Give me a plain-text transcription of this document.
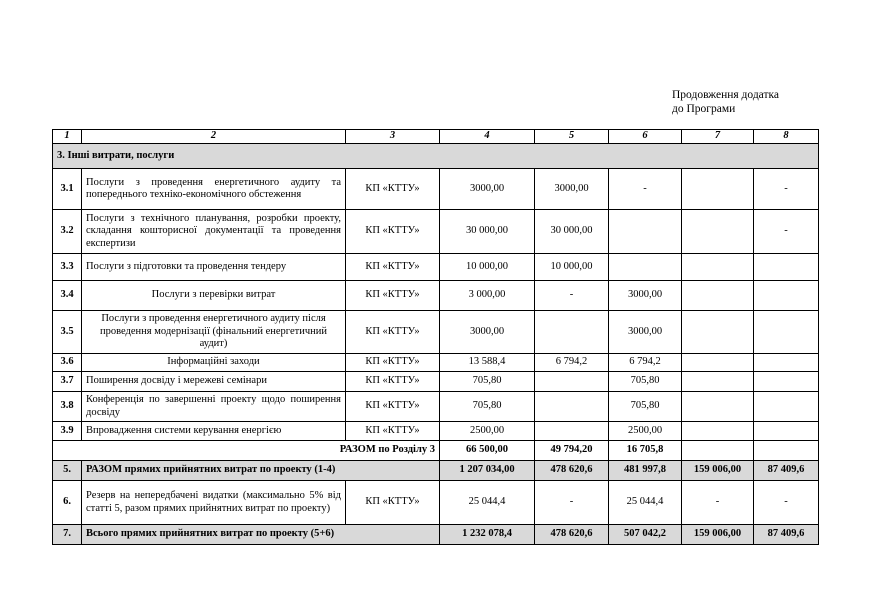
Продовження додатка
до Програми
1	2	3	4	5	6	7	8
3. Інші витрати, послуги							
3.1	Послуги з проведення енергетичного аудиту та попереднього техніко-економічного обстеження	КП «КТТУ»	3000,00	3000,00	-		-
3.2	Послуги з технічного планування, розробки проекту, складання кошторисної документації та проведення експертизи	КП «КТТУ»	30 000,00	30 000,00			-
3.3	Послуги з підготовки та проведення тендеру	КП «КТТУ»	10 000,00	10 000,00			
3.4	Послуги з перевірки витрат	КП «КТТУ»	3 000,00	-	3000,00		
3.5	Послуги з проведення енергетичного аудиту після проведення модернізації (фінальний енергетичний аудит)	КП «КТТУ»	3000,00		3000,00		
3.6	Інформаційні заходи	КП «КТТУ»	13 588,4	6 794,2	6 794,2		
3.7	Поширення досвіду і мережеві семінари	КП «КТТУ»	705,80		705,80		
3.8	Конференція по завершенні проекту щодо поширення досвіду	КП «КТТУ»	705,80		705,80		
3.9	Впровадження системи керування енергією	КП «КТТУ»	2500,00		2500,00		
РАЗОМ по Розділу 3			66 500,00	49 794,20	16 705,8		
5.	РАЗОМ прямих прийнятних витрат по проекту (1-4)		1 207 034,00	478 620,6	481 997,8	159 006,00	87 409,6
6.	Резерв на непередбачені видатки (максимально 5% від статті 5, разом прямих прийнятних витрат по проекту)	КП «КТТУ»	25 044,4	-	25 044,4	-	-
7.	Всього прямих прийнятних витрат по проекту (5+6)		1 232 078,4	478 620,6	507 042,2	159 006,00	87 409,6
